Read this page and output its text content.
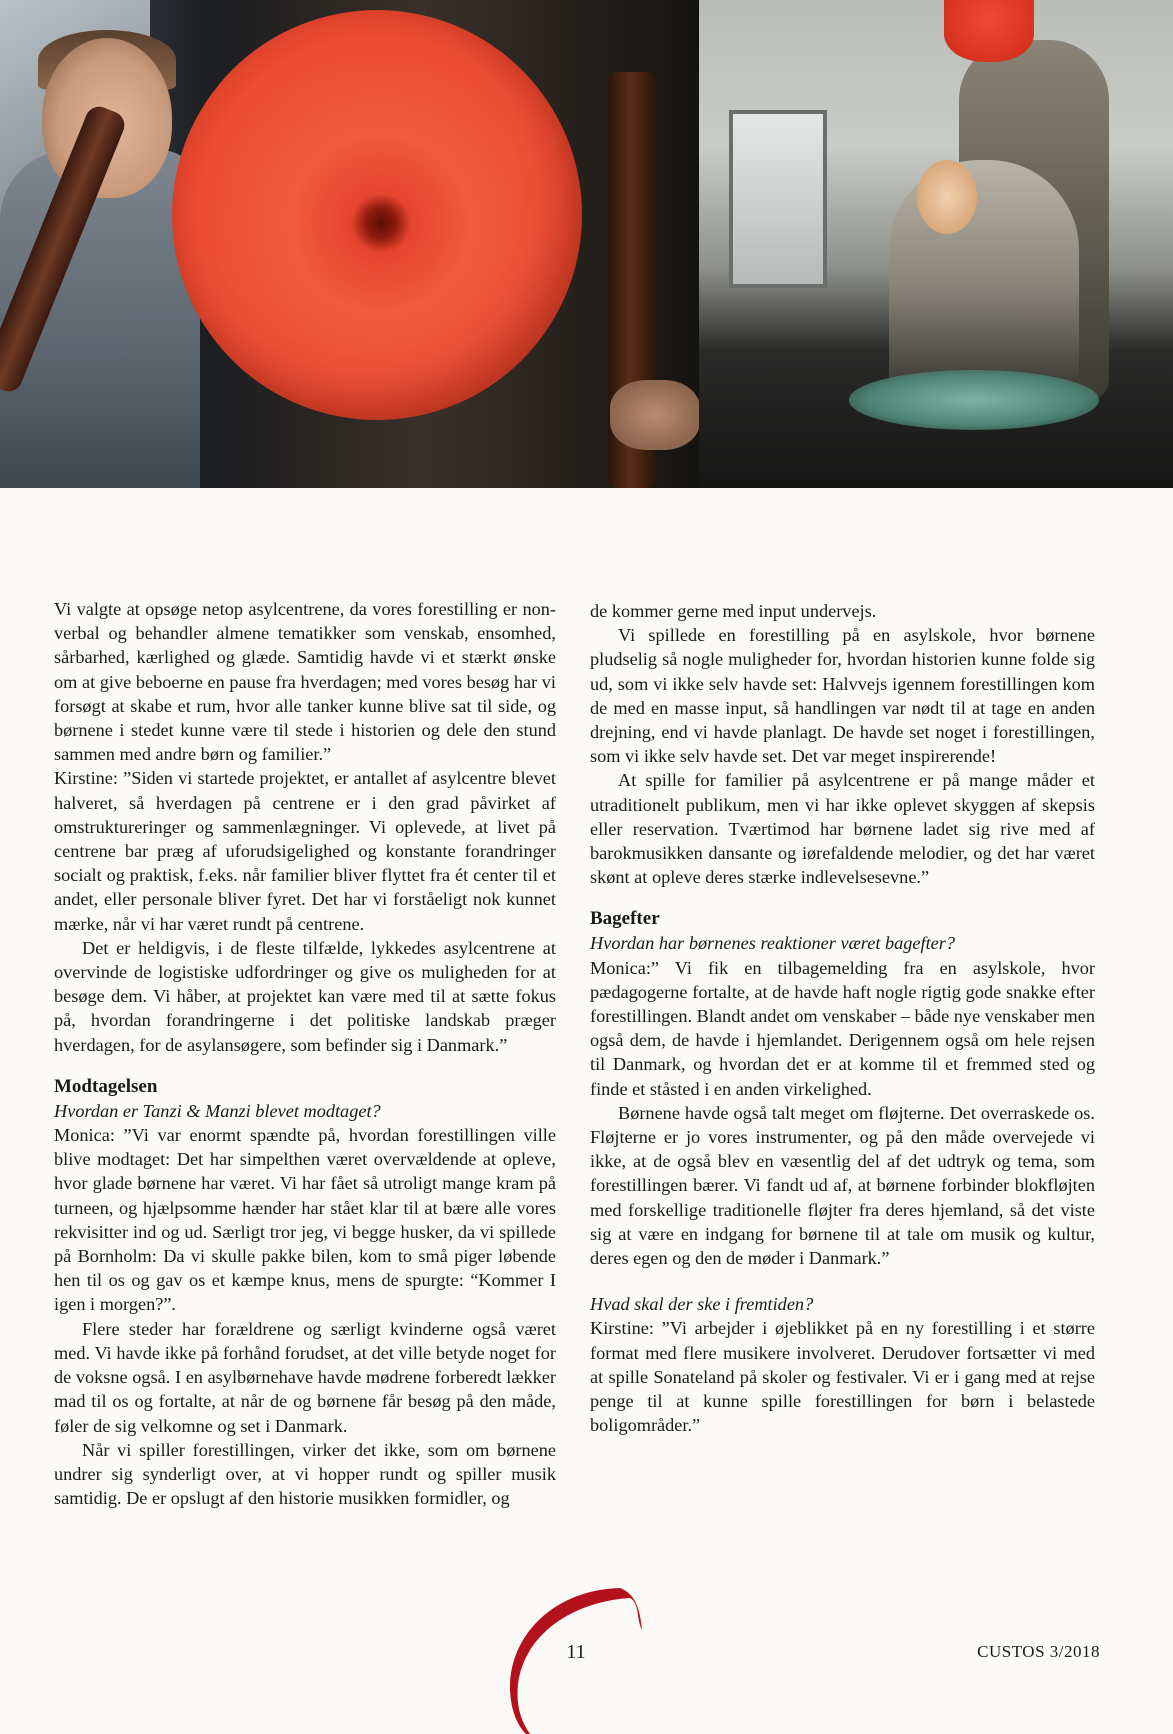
Vi valgte at opsøge netop asylcentrene, da vores forestilling er non-verbal og behandler almene tematikker som venskab, ensomhed, sårbarhed, kærlighed og glæde. Samtidig havde vi et stærkt ønske om at give beboerne en pause fra hverdagen; med vores besøg har vi forsøgt at skabe et rum, hvor alle tanker kunne blive sat til side, og børnene i stedet kunne være til stede i historien og dele den stund sammen med andre børn og familier.”

Kirstine: ”Siden vi startede projektet, er antallet af asylcentre blevet halveret, så hverdagen på centrene er i den grad påvirket af omstruktureringer og sammenlægninger. Vi oplevede, at livet på centrene bar præg af uforudsigelighed og konstante forandringer socialt og praktisk, f.eks. når familier bliver flyttet fra ét center til et andet, eller personale bliver fyret. Det har vi forståeligt nok kunnet mærke, når vi har været rundt på centrene.

Det er heldigvis, i de fleste tilfælde, lykkedes asylcentrene at overvinde de logistiske udfordringer og give os muligheden for at besøge dem. Vi håber, at projektet kan være med til at sætte fokus på, hvordan forandringerne i det politiske landskab præger hverdagen, for de asylansøgere, som befinder sig i Danmark.”

Modtagelsen

Hvordan er Tanzi & Manzi blevet modtaget?

Monica: ”Vi var enormt spændte på, hvordan forestillingen ville blive modtaget: Det har simpelthen været overvældende at opleve, hvor glade børnene har været. Vi har fået så utroligt mange kram på turneen, og hjælpsomme hænder har stået klar til at bære alle vores rekvisitter ind og ud. Særligt tror jeg, vi begge husker, da vi spillede på Bornholm: Da vi skulle pakke bilen, kom to små piger løbende hen til os og gav os et kæmpe knus, mens de spurgte: “Kommer I igen i morgen?”.

Flere steder har forældrene og særligt kvinderne også været med. Vi havde ikke på forhånd forudset, at det ville betyde noget for de voksne også. I en asylbørnehave havde mødrene forberedt lækker mad til os og fortalte, at når de og børnene får besøg på den måde, føler de sig velkomne og set i Danmark.

Når vi spiller forestillingen, virker det ikke, som om børnene undrer sig synderligt over, at vi hopper rundt og spiller musik samtidig. De er opslugt af den historie musikken formidler, og

de kommer gerne med input undervejs.

Vi spillede en forestilling på en asylskole, hvor børnene pludselig så nogle muligheder for, hvordan historien kunne folde sig ud, som vi ikke selv havde set: Halvvejs igennem forestillingen kom de med en masse input, så handlingen var nødt til at tage en anden drejning, end vi havde planlagt. De havde set noget i forestillingen, som vi ikke selv havde set. Det var meget inspirerende!

At spille for familier på asylcentrene er på mange måder et utraditionelt publikum, men vi har ikke oplevet skyggen af skepsis eller reservation. Tværtimod har børnene ladet sig rive med af barokmusikken dansante og iørefaldende melodier, og det har været skønt at opleve deres stærke indlevelsesevne.”

Bagefter

Hvordan har børnenes reaktioner været bagefter?

Monica:” Vi fik en tilbagemelding fra en asylskole, hvor pædagogerne fortalte, at de havde haft nogle rigtig gode snakke efter forestillingen. Blandt andet om venskaber – både nye venskaber men også dem, de havde i hjemlandet. Derigennem også om hele rejsen til Danmark, og hvordan det er at komme til et fremmed sted og finde et ståsted i en anden virkelighed.

Børnene havde også talt meget om fløjterne. Det overraskede os. Fløjterne er jo vores instrumenter, og på den måde overvejede vi ikke, at de også blev en væsentlig del af det udtryk og tema, som forestillingen bærer. Vi fandt ud af, at børnene forbinder blokfløjten med forskellige traditionelle fløjter fra deres hjemland, så det viste sig at være en indgang for børnene til at tale om musik og kultur, deres egen og den de møder i Danmark.”

Hvad skal der ske i fremtiden?

Kirstine: ”Vi arbejder i øjeblikket på en ny forestilling i et større format med flere musikere involveret. Derudover fortsætter vi med at spille Sonateland på skoler og festivaler. Vi er i gang med at rejse penge til at kunne spille forestillingen for børn i belastede boligområder.”

11	CUSTOS 3/2018
